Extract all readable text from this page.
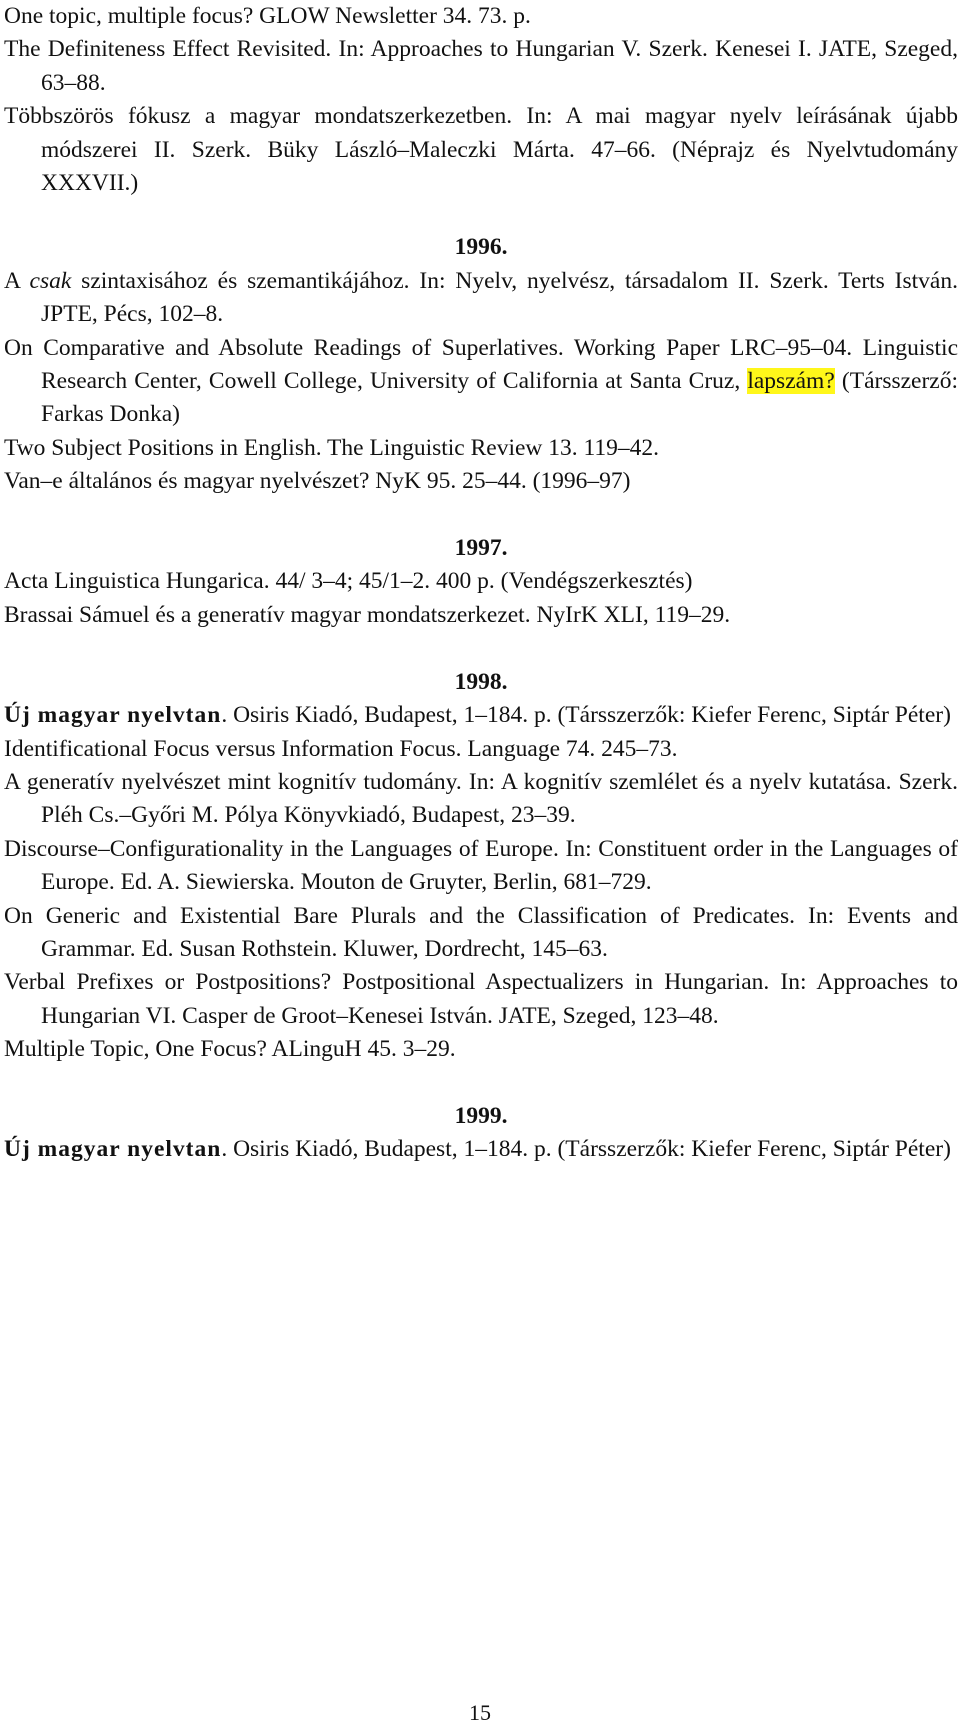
One topic, multiple focus? GLOW Newsletter 34. 73. p.

The Definiteness Effect Revisited. In: Approaches to Hungarian V. Szerk. Kenesei I. JATE, Szeged, 63–88.

Többszörös fókusz a magyar mondatszerkezetben. In: A mai magyar nyelv leírásának újabb módszerei II. Szerk. Büky László–Maleczki Márta. 47–66. (Néprajz és Nyelvtudomány XXXVII.)

1996.

A csak szintaxisához és szemantikájához. In: Nyelv, nyelvész, társadalom II. Szerk. Terts István. JPTE, Pécs, 102–8.

On Comparative and Absolute Readings of Superlatives. Working Paper LRC–95–04. Linguistic Research Center, Cowell College, University of California at Santa Cruz, lapszám? (Társszerző: Farkas Donka)

Two Subject Positions in English. The Linguistic Review 13. 119–42.

Van–e általános és magyar nyelvészet? NyK 95. 25–44. (1996–97)

1997.

Acta Linguistica Hungarica. 44/ 3–4; 45/1–2. 400 p. (Vendégszerkesztés)

Brassai Sámuel és a generatív magyar mondatszerkezet. NyIrK XLI, 119–29.

1998.

Új magyar nyelvtan. Osiris Kiadó, Budapest, 1–184. p. (Társszerzők: Kiefer Ferenc, Siptár Péter)

Identificational Focus versus Information Focus. Language 74. 245–73.

A generatív nyelvészet mint kognitív tudomány. In: A kognitív szemlélet és a nyelv kutatása. Szerk. Pléh Cs.–Győri M. Pólya Könyvkiadó, Budapest, 23–39.

Discourse–Configurationality in the Languages of Europe. In: Constituent order in the Languages of Europe. Ed. A. Siewierska. Mouton de Gruyter, Berlin, 681–729.

On Generic and Existential Bare Plurals and the Classification of Predicates. In: Events and Grammar. Ed. Susan Rothstein. Kluwer, Dordrecht, 145–63.

Verbal Prefixes or Postpositions? Postpositional Aspectualizers in Hungarian. In: Approaches to Hungarian VI. Casper de Groot–Kenesei István. JATE, Szeged, 123–48.

Multiple Topic, One Focus? ALinguH 45. 3–29.

1999.

Új magyar nyelvtan. Osiris Kiadó, Budapest, 1–184. p. (Társszerzők: Kiefer Ferenc, Siptár Péter)

15
